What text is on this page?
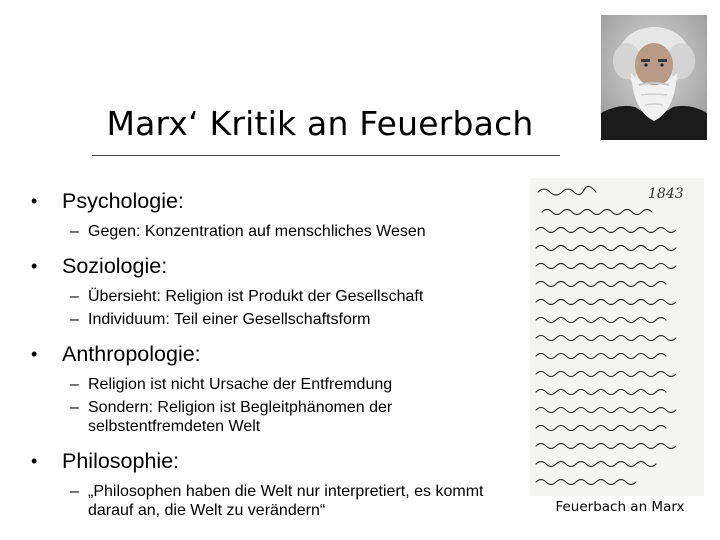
Marx‘ Kritik an Feuerbach
• Psychologie:
– Gegen: Konzentration auf menschliches Wesen
• Soziologie:
– Übersieht: Religion ist Produkt der Gesellschaft
– Individuum: Teil einer Gesellschaftsform
• Anthropologie:
– Religion ist nicht Ursache der Entfremdung
– Sondern: Religion ist Begleitphänomen der selbstentfremdeten Welt
• Philosophie:
– „Philosophen haben die Welt nur interpretiert, es kommt darauf an, die Welt zu verändern“
1843
Feuerbach an Marx
